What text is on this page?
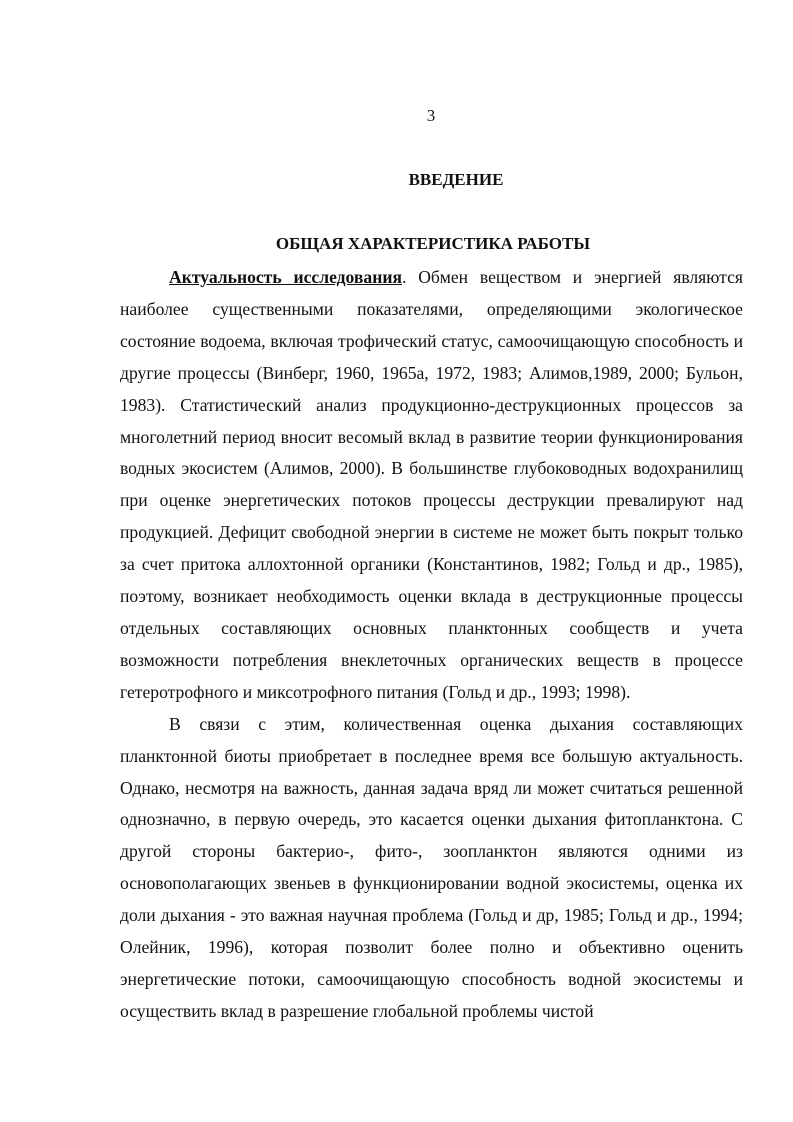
3
ВВЕДЕНИЕ
ОБЩАЯ ХАРАКТЕРИСТИКА РАБОТЫ

Актуальность исследования. Обмен веществом и энергией являются наиболее существенными показателями, определяющими экологическое состояние водоема, включая трофический статус, самоочищающую способность и другие процессы (Винберг, 1960, 1965а, 1972, 1983; Алимов,1989, 2000; Бульон, 1983). Статистический анализ продукционно-деструкционных процессов за многолетний период вносит весомый вклад в развитие теории функционирования водных экосистем (Алимов, 2000). В большинстве глубоководных водохранилищ при оценке энергетических потоков процессы деструкции превалируют над продукцией. Дефицит свободной энергии в системе не может быть покрыт только за счет притока аллохтонной органики (Константинов, 1982; Гольд и др., 1985), поэтому, возникает необходимость оценки вклада в деструкционные процессы отдельных составляющих основных планктонных сообществ и учета возможности потребления внеклеточных органических веществ в процессе гетеротрофного и миксотрофного питания (Гольд и др., 1993; 1998).

В связи с этим, количественная оценка дыхания составляющих планктонной биоты приобретает в последнее время все большую актуальность. Однако, несмотря на важность, данная задача вряд ли может считаться решенной однозначно, в первую очередь, это касается оценки дыхания фитопланктона. С другой стороны бактерио-, фито-, зоопланктон являются одними из основополагающих звеньев в функционировании водной экосистемы, оценка их доли дыхания - это важная научная проблема (Гольд и др, 1985; Гольд и др., 1994; Олейник, 1996), которая позволит более полно и объективно оценить энергетические потоки, самоочищающую способность водной экосистемы и осуществить вклад в разрешение глобальной проблемы чистой
